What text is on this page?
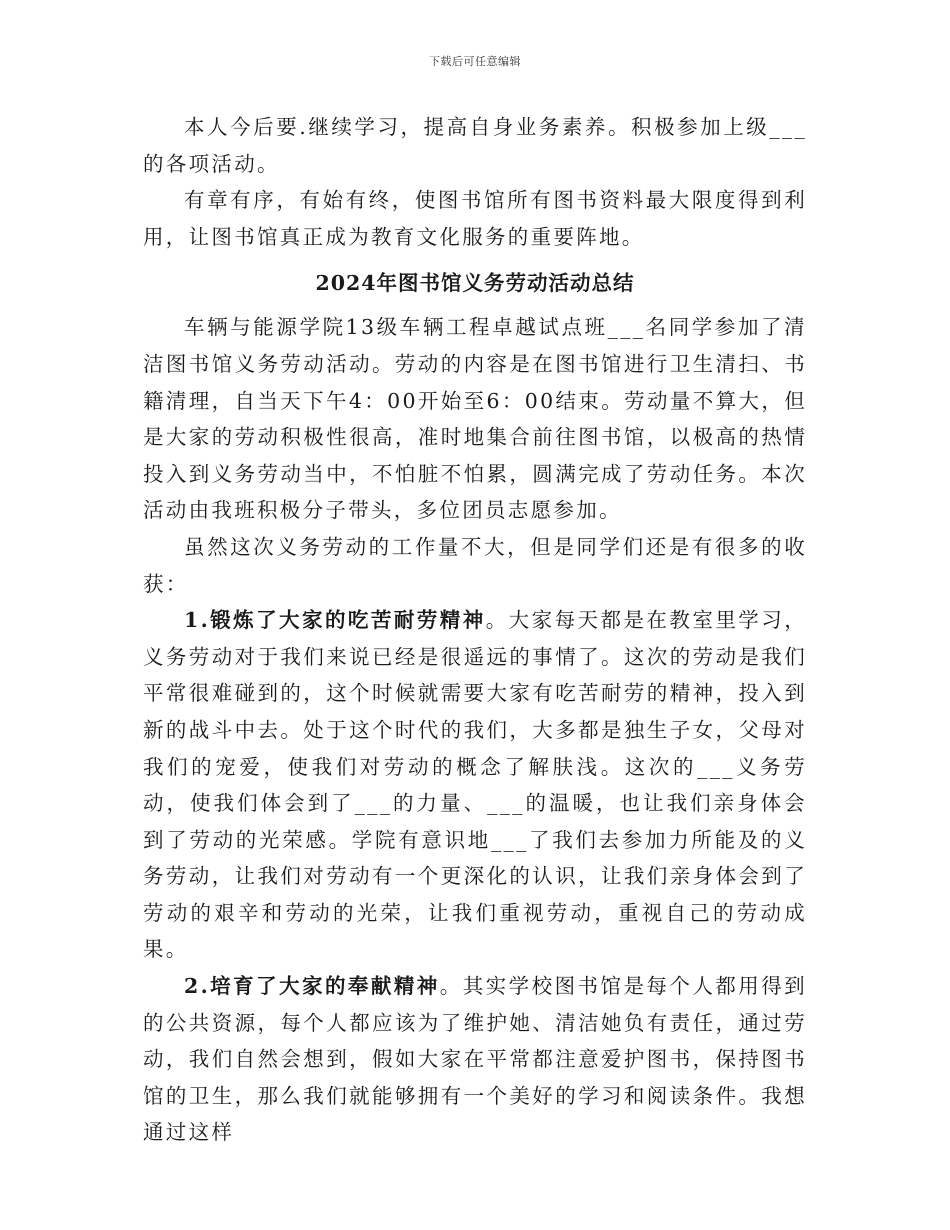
下载后可任意编辑

本人今后要.继续学习，提高自身业务素养。积极参加上级___的各项活动。

有章有序，有始有终，使图书馆所有图书资料最大限度得到利用，让图书馆真正成为教育文化服务的重要阵地。

2024年图书馆义务劳动活动总结

车辆与能源学院13级车辆工程卓越试点班___名同学参加了清洁图书馆义务劳动活动。劳动的内容是在图书馆进行卫生清扫、书籍清理，自当天下午4：00开始至6：00结束。劳动量不算大，但是大家的劳动积极性很高，准时地集合前往图书馆，以极高的热情投入到义务劳动当中，不怕脏不怕累，圆满完成了劳动任务。本次活动由我班积极分子带头，多位团员志愿参加。

虽然这次义务劳动的工作量不大，但是同学们还是有很多的收获：

1.锻炼了大家的吃苦耐劳精神。大家每天都是在教室里学习，义务劳动对于我们来说已经是很遥远的事情了。这次的劳动是我们平常很难碰到的，这个时候就需要大家有吃苦耐劳的精神，投入到新的战斗中去。处于这个时代的我们，大多都是独生子女，父母对我们的宠爱，使我们对劳动的概念了解肤浅。这次的___义务劳动，使我们体会到了___的力量、___的温暖，也让我们亲身体会到了劳动的光荣感。学院有意识地___了我们去参加力所能及的义务劳动，让我们对劳动有一个更深化的认识，让我们亲身体会到了劳动的艰辛和劳动的光荣，让我们重视劳动，重视自己的劳动成果。

2.培育了大家的奉献精神。其实学校图书馆是每个人都用得到的公共资源，每个人都应该为了维护她、清洁她负有责任，通过劳动，我们自然会想到，假如大家在平常都注意爱护图书，保持图书馆的卫生，那么我们就能够拥有一个美好的学习和阅读条件。我想通过这样
